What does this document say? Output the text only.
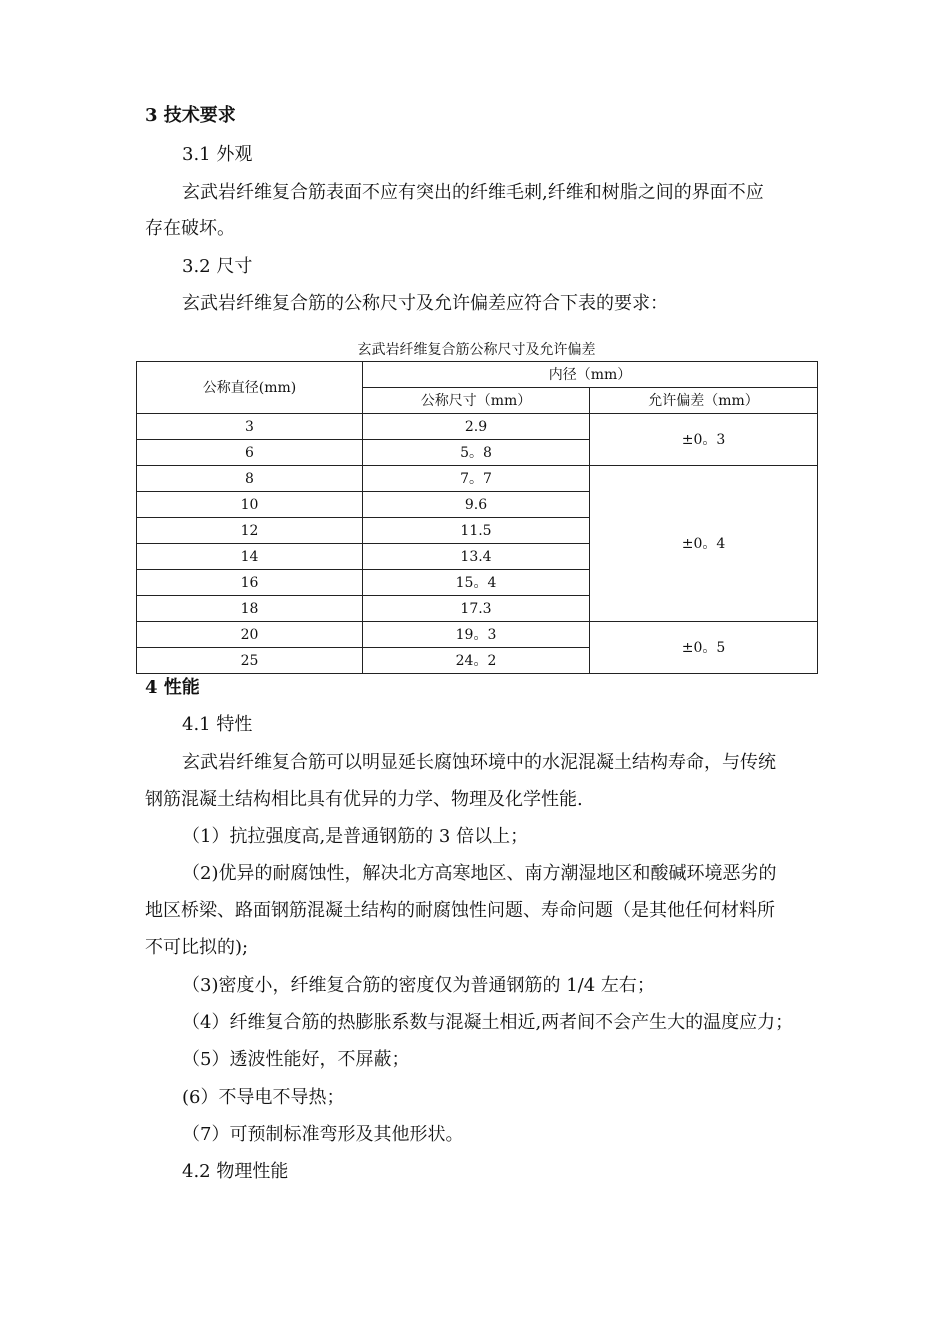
3 技术要求
3.1 外观
玄武岩纤维复合筋表面不应有突出的纤维毛刺,纤维和树脂之间的界面不应
存在破坏。
3.2 尺寸
玄武岩纤维复合筋的公称尺寸及允许偏差应符合下表的要求：
玄武岩纤维复合筋公称尺寸及允许偏差
公称直径(mm)	内径（mm）	
	公称尺寸（mm）	允许偏差（mm）
3	2.9	±0。3
6	5。8	
8	7。7	±0。4
10	9.6	
12	11.5	
14	13.4	
16	15。4	
18	17.3	
20	19。3	±0。5
25	24。2	
4 性能
4.1 特性
玄武岩纤维复合筋可以明显延长腐蚀环境中的水泥混凝土结构寿命，与传统
钢筋混凝土结构相比具有优异的力学、物理及化学性能.
（1）抗拉强度高,是普通钢筋的 3 倍以上；
（2)优异的耐腐蚀性，解决北方高寒地区、南方潮湿地区和酸碱环境恶劣的
地区桥梁、路面钢筋混凝土结构的耐腐蚀性问题、寿命问题（是其他任何材料所
不可比拟的);
（3)密度小，纤维复合筋的密度仅为普通钢筋的 1/4 左右；
（4）纤维复合筋的热膨胀系数与混凝土相近,两者间不会产生大的温度应力；
（5）透波性能好，不屏蔽；
(6）不导电不导热；
（7）可预制标准弯形及其他形状。
4.2 物理性能
